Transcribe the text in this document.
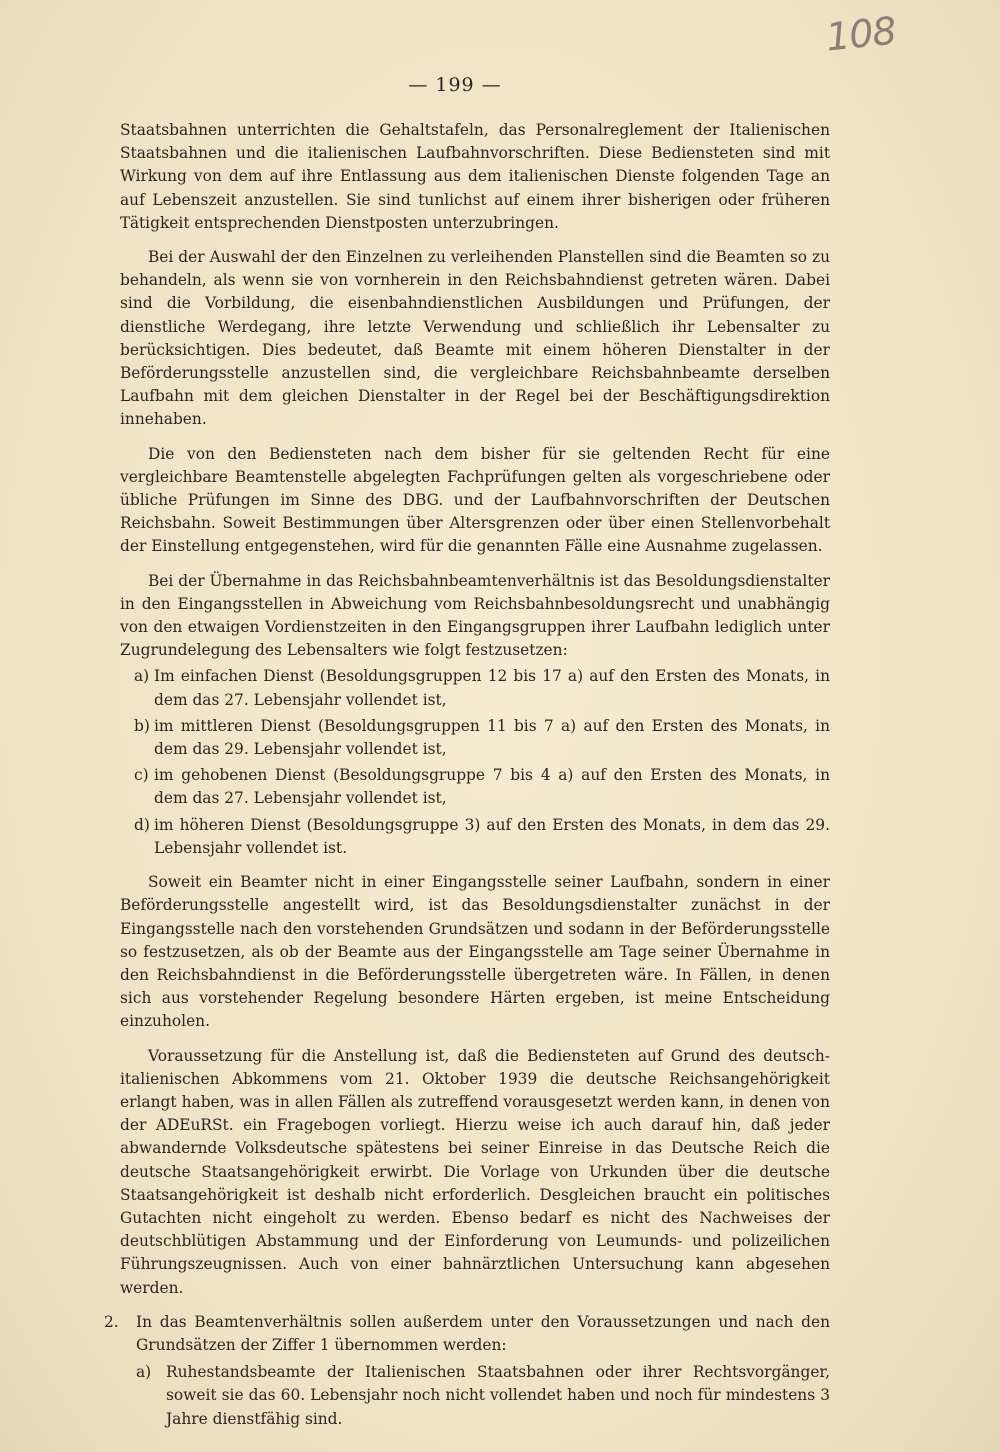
108
— 199 —

Staatsbahnen unterrichten die Gehaltstafeln, das Personalreglement der Italienischen Staatsbahnen und die italienischen Laufbahnvorschriften. Diese Bediensteten sind mit Wirkung von dem auf ihre Entlassung aus dem italienischen Dienste folgenden Tage an auf Lebenszeit anzustellen. Sie sind tunlichst auf einem ihrer bisherigen oder früheren Tätigkeit entsprechenden Dienstposten unterzubringen.

Bei der Auswahl der den Einzelnen zu verleihenden Planstellen sind die Beamten so zu behandeln, als wenn sie von vornherein in den Reichsbahndienst getreten wären. Dabei sind die Vorbildung, die eisenbahndienstlichen Ausbildungen und Prüfungen, der dienstliche Werdegang, ihre letzte Verwendung und schließlich ihr Lebensalter zu berücksichtigen. Dies bedeutet, daß Beamte mit einem höheren Dienstalter in der Beförderungsstelle anzustellen sind, die vergleichbare Reichsbahnbeamte derselben Laufbahn mit dem gleichen Dienstalter in der Regel bei der Beschäftigungsdirektion innehaben.

Die von den Bediensteten nach dem bisher für sie geltenden Recht für eine vergleichbare Beamtenstelle abgelegten Fachprüfungen gelten als vorgeschriebene oder übliche Prüfungen im Sinne des DBG. und der Laufbahnvorschriften der Deutschen Reichsbahn. Soweit Bestimmungen über Altersgrenzen oder über einen Stellenvorbehalt der Einstellung entgegenstehen, wird für die genannten Fälle eine Ausnahme zugelassen.

Bei der Übernahme in das Reichsbahnbeamtenverhältnis ist das Besoldungsdienstalter in den Eingangsstellen in Abweichung vom Reichsbahnbesoldungsrecht und unabhängig von den etwaigen Vordienstzeiten in den Eingangsgruppen ihrer Laufbahn lediglich unter Zugrundelegung des Lebensalters wie folgt festzusetzen:

a) Im einfachen Dienst (Besoldungsgruppen 12 bis 17 a) auf den Ersten des Monats, in dem das 27. Lebensjahr vollendet ist,
b) im mittleren Dienst (Besoldungsgruppen 11 bis 7 a) auf den Ersten des Monats, in dem das 29. Lebensjahr vollendet ist,
c) im gehobenen Dienst (Besoldungsgruppe 7 bis 4 a) auf den Ersten des Monats, in dem das 27. Lebensjahr vollendet ist,
d) im höheren Dienst (Besoldungsgruppe 3) auf den Ersten des Monats, in dem das 29. Lebensjahr vollendet ist.

Soweit ein Beamter nicht in einer Eingangsstelle seiner Laufbahn, sondern in einer Beförderungsstelle angestellt wird, ist das Besoldungsdienstalter zunächst in der Eingangsstelle nach den vorstehenden Grundsätzen und sodann in der Beförderungsstelle so festzusetzen, als ob der Beamte aus der Eingangsstelle am Tage seiner Übernahme in den Reichsbahndienst in die Beförderungsstelle übergetreten wäre. In Fällen, in denen sich aus vorstehender Regelung besondere Härten ergeben, ist meine Entscheidung einzuholen.

Voraussetzung für die Anstellung ist, daß die Bediensteten auf Grund des deutsch-italienischen Abkommens vom 21. Oktober 1939 die deutsche Reichsangehörigkeit erlangt haben, was in allen Fällen als zutreffend vorausgesetzt werden kann, in denen von der ADEuRSt. ein Fragebogen vorliegt. Hierzu weise ich auch darauf hin, daß jeder abwandernde Volksdeutsche spätestens bei seiner Einreise in das Deutsche Reich die deutsche Staatsangehörigkeit erwirbt. Die Vorlage von Urkunden über die deutsche Staatsangehörigkeit ist deshalb nicht erforderlich. Desgleichen braucht ein politisches Gutachten nicht eingeholt zu werden. Ebenso bedarf es nicht des Nachweises der deutschblütigen Abstammung und der Einforderung von Leumunds- und polizeilichen Führungszeugnissen. Auch von einer bahnärztlichen Untersuchung kann abgesehen werden.

2.	In das Beamtenverhältnis sollen außerdem unter den Voraussetzungen und nach den Grundsätzen der Ziffer 1 übernommen werden:
a) Ruhestandsbeamte der Italienischen Staatsbahnen oder ihrer Rechtsvorgänger, soweit sie das 60. Lebensjahr noch nicht vollendet haben und noch für mindestens 3 Jahre dienstfähig sind.
